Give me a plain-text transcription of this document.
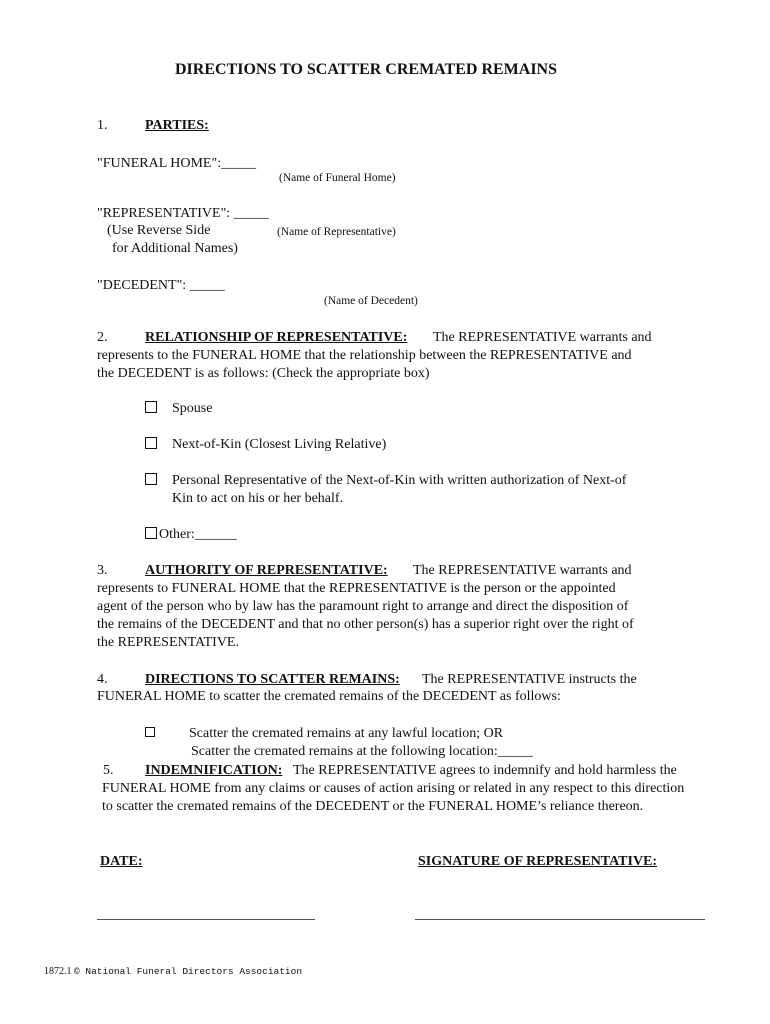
DIRECTIONS TO SCATTER CREMATED REMAINS
1.	PARTIES:
"FUNERAL HOME":_____
(Name of Funeral Home)
"REPRESENTATIVE": _____
(Use Reverse Side	(Name of Representative)
for Additional Names)
"DECEDENT": _____
(Name of Decedent)
2.	RELATIONSHIP OF REPRESENTATIVE: The REPRESENTATIVE warrants and
represents to the FUNERAL HOME that the relationship between the REPRESENTATIVE and
the DECEDENT is as follows: (Check the appropriate box)
Spouse
Next-of-Kin (Closest Living Relative)
Personal Representative of the Next-of-Kin with written authorization of Next-of
Kin to act on his or her behalf.
Other:______
3.	AUTHORITY OF REPRESENTATIVE: The REPRESENTATIVE warrants and
represents to FUNERAL HOME that the REPRESENTATIVE is the person or the appointed
agent of the person who by law has the paramount right to arrange and direct the disposition of
the remains of the DECEDENT and that no other person(s) has a superior right over the right of
the REPRESENTATIVE.
4.	DIRECTIONS TO SCATTER REMAINS: The REPRESENTATIVE instructs the
FUNERAL HOME to scatter the cremated remains of the DECEDENT as follows:
Scatter the cremated remains at any lawful location; OR
Scatter the cremated remains at the following location:_____
5. INDEMNIFICATION: The REPRESENTATIVE agrees to indemnify and hold harmless the
FUNERAL HOME from any claims or causes of action arising or related in any respect to this direction
to scatter the cremated remains of the DECEDENT or the FUNERAL HOME’s reliance thereon.
DATE:	SIGNATURE OF REPRESENTATIVE:
1872.1 © National Funeral Directors Association
